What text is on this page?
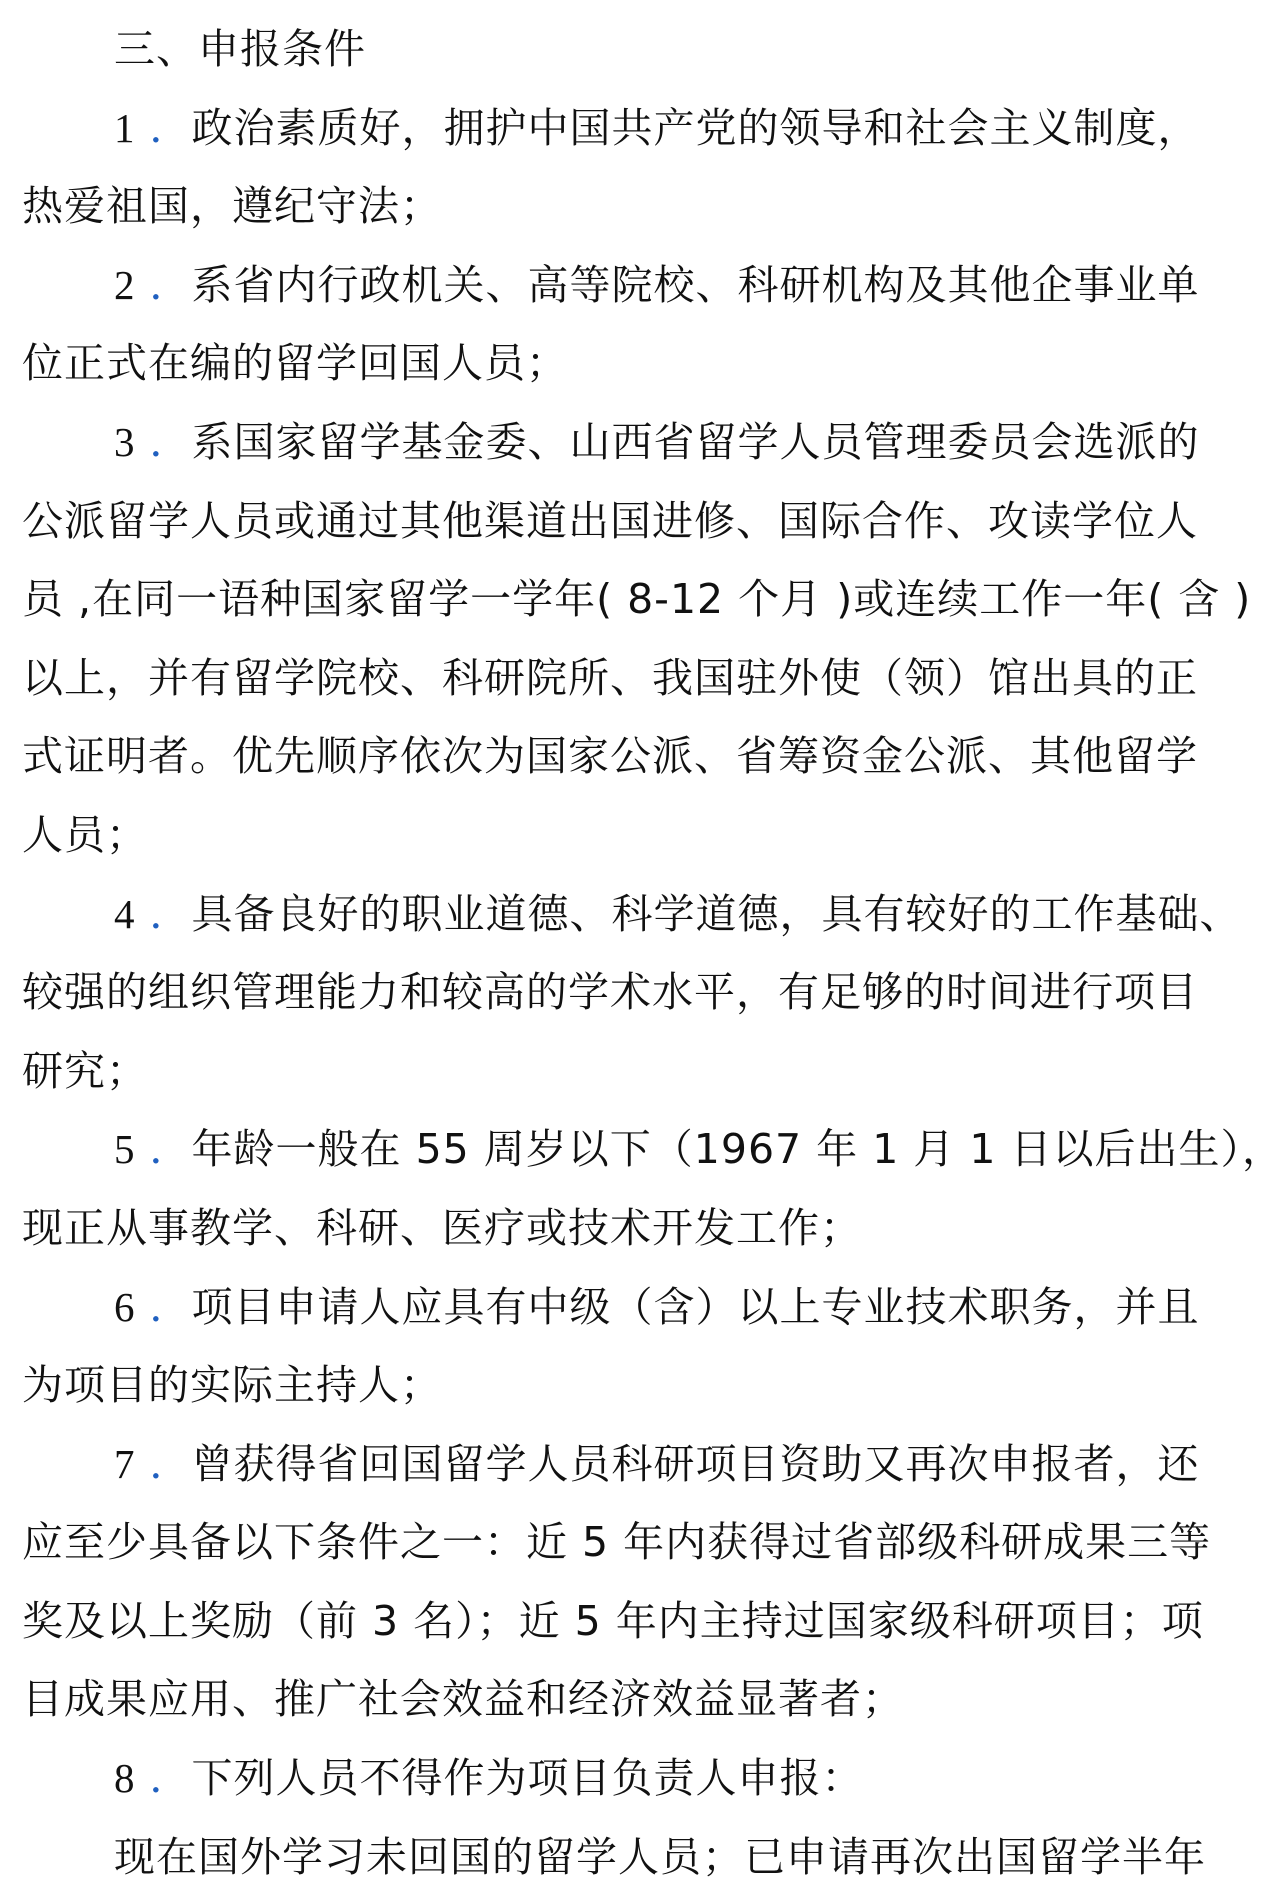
三、申报条件
1 ．政治素质好，拥护中国共产党的领导和社会主义制度，
热爱祖国，遵纪守法；
2 ．系省内行政机关、高等院校、科研机构及其他企事业单
位正式在编的留学回国人员；
3 ．系国家留学基金委、山西省留学人员管理委员会选派的
公派留学人员或通过其他渠道出国进修、国际合作、攻读学位人
员 ,在同一语种国家留学一学年( 8-12 个月 )或连续工作一年( 含 )
以上，并有留学院校、科研院所、我国驻外使（领）馆出具的正
式证明者。优先顺序依次为国家公派、省筹资金公派、其他留学
人员；
4 ．具备良好的职业道德、科学道德，具有较好的工作基础、
较强的组织管理能力和较高的学术水平，有足够的时间进行项目
研究；
5 ．年龄一般在 55 周岁以下（1967 年 1 月 1 日以后出生），
现正从事教学、科研、医疗或技术开发工作；
6 ．项目申请人应具有中级（含）以上专业技术职务，并且
为项目的实际主持人；
7 ．曾获得省回国留学人员科研项目资助又再次申报者，还
应至少具备以下条件之一：近 5 年内获得过省部级科研成果三等
奖及以上奖励（前 3 名）；近 5 年内主持过国家级科研项目；项
目成果应用、推广社会效益和经济效益显著者；
8 ．下列人员不得作为项目负责人申报：
现在国外学习未回国的留学人员；已申请再次出国留学半年
